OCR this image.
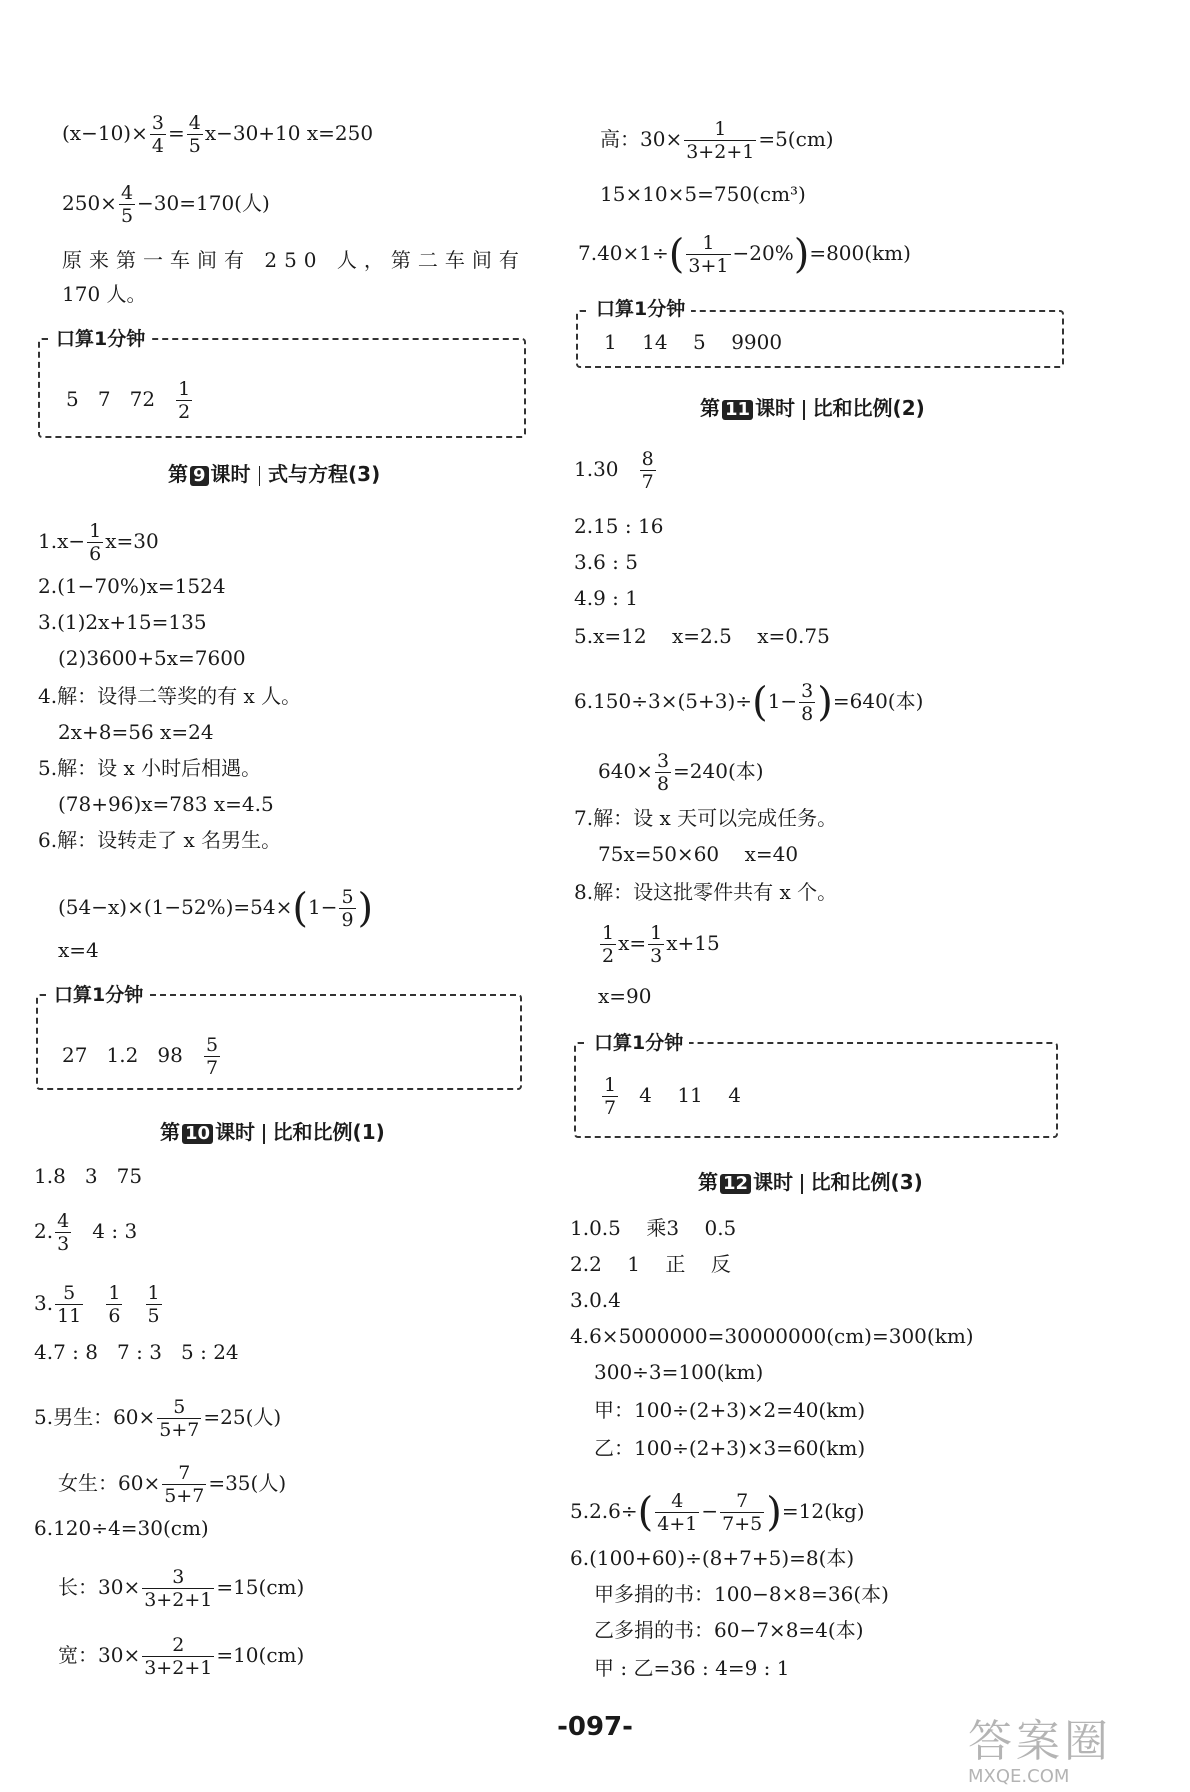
$(x-10)\times \frac{3}{4} = \frac{4}{5} x-30+10$ x=250
$250\times \frac{4}{5} -30=170$(人)
原来第一车间有 250 人，第二车间有
170 人。
口算1分钟
5 7 $72 \frac{1}{2}$
第 9 课时 式与方程(3)
$1.x- \frac{1}{6} x=30$
2.(1−70%)x=1524
3.(1)2x+15=135
(2)3600+5x=7600
4.解：设得二等奖的有 x 人。
2x+8=56 x=24
5.解：设 x 小时后相遇。
(78+96)x=783 x=4.5
6.解：设转走了 x 名男生。
$(54-x)\times(1-52\%)=54\times(1- \frac{5}{9}$ )
x=4
口算1分钟
27 1.2 $98 \frac{5}{7}$
第 10 课时 比和比例(1)
1.8   3   75
2. $\frac{4}{3} 4$ : 3
3. $\frac{5}{11}$
$\frac{1}{6}$
$\frac{1}{5}$
4.7 : 8   7 : 3   5 : 24
5.男生：$60\times \frac{5}{5+7} =25$(人)
女生：$60\times \frac{7}{5+7} =35$(人)
6.120÷4=30(cm)
长：$30\times \frac{3}{3+2+1} =15(cm)$
宽：$30\times \frac{2}{3+2+1} =10(cm)$
高：$30\times \frac{1}{3+2+1} =5(cm)$
15×10×5=750(cm³)
$7.40\times 1\div( \frac{1}{3+1} -20\%)=800(km)$
口算1分钟
1    14    5    9900
第 11 课时 比和比例(2)
$1.30 \frac{8}{7}$
2.15 : 16
3.6 : 5
4.9 : 1
5.x=12    x=2.5    x=0.75
$6.150\div 3\times(5+3)\div(1- \frac{3}{8} )=640$(本)
$640\times \frac{3}{8} =240$(本)
7.解：设 x 天可以完成任务。
75x=50×60    x=40
8.解：设这批零件共有 x 个。
$\frac{1}{2} x= \frac{1}{3} x+15$
x=90
口算1分钟
$\frac{1}{7} 4$    11    4
第 12 课时 比和比例(3)
1.0.5    乘3    0.5
2.2    1    正    反
3.0.4
4.6×5000000=30000000(cm)=300(km)
300÷3=100(km)
甲：100÷(2+3)×2=40(km)
乙：100÷(2+3)×3=60(km)
$5.2.6\div( \frac{4}{4+1} - \frac{7}{7+5} )=12(kg)$
6.(100+60)÷(8+7+5)=8(本)
甲多捐的书：100−8×8=36(本)
乙多捐的书：60−7×8=4(本)
甲 : 乙=36 : 4=9 : 1
-097-	答案圈
MXQE.COM
